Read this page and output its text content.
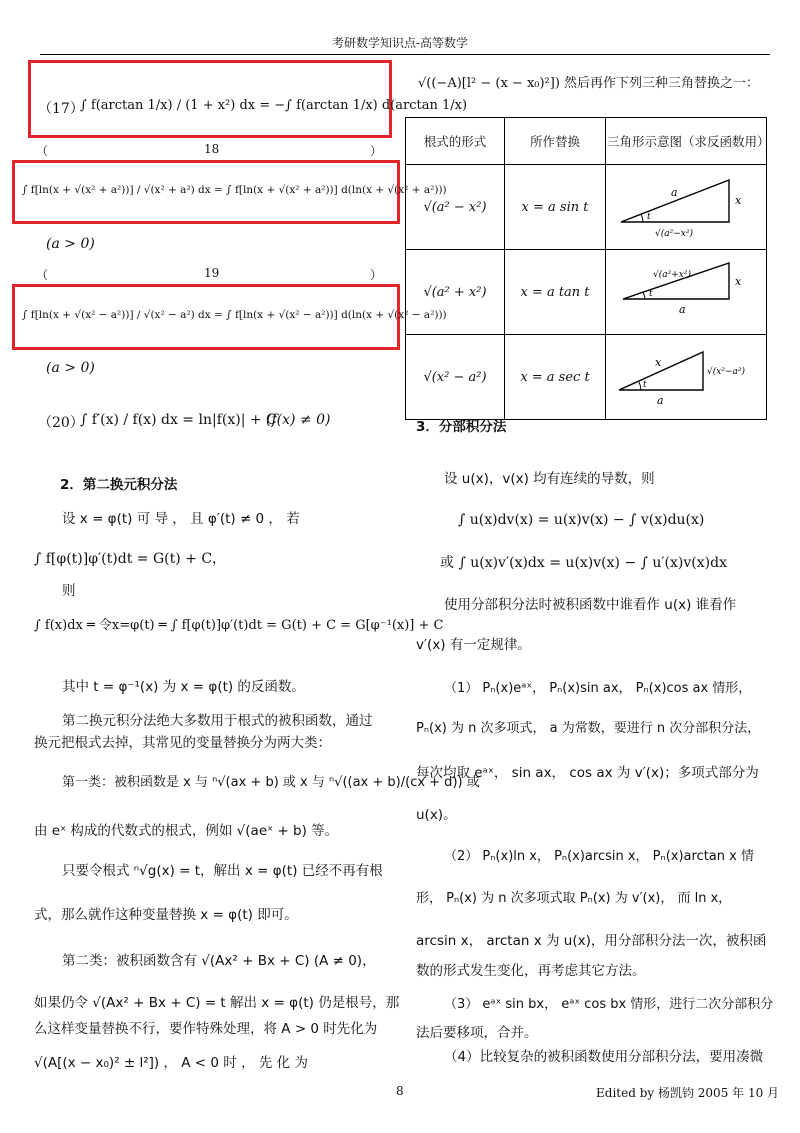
考研数学知识点-高等数学
（17）
∫ f(arctan 1/x) / (1 + x²) dx = −∫ f(arctan 1/x) d(arctan 1/x)
（	18	）
∫ f[ln(x + √(x² + a²))] / √(x² + a²) dx = ∫ f[ln(x + √(x² + a²))] d(ln(x + √(x² + a²)))
(a > 0)
（	19	）
∫ f[ln(x + √(x² − a²))] / √(x² − a²) dx = ∫ f[ln(x + √(x² − a²))] d(ln(x + √(x² − a²)))
(a > 0)
（20）
∫ f′(x) / f(x) dx = ln|f(x)| + C
(f(x) ≠ 0)
2．第二换元积分法
设 x = φ(t) 可 导 ， 且 φ′(t) ≠ 0 ， 若
∫ f[φ(t)]φ′(t)dt = G(t) + C，
则
∫ f(x)dx ═ 令x=φ(t) ═ ∫ f[φ(t)]φ′(t)dt = G(t) + C = G[φ⁻¹(x)] + C
其中 t = φ⁻¹(x) 为 x = φ(t) 的反函数。
第二换元积分法绝大多数用于根式的被积函数，通过
换元把根式去掉，其常见的变量替换分为两大类：
第一类：被积函数是 x 与 ⁿ√(ax + b) 或 x 与 ⁿ√((ax + b)/(cx + d)) 或
由 eˣ 构成的代数式的根式，例如 √(aeˣ + b) 等。
只要令根式 ⁿ√g(x) = t，解出 x = φ(t) 已经不再有根
式，那么就作这种变量替换 x = φ(t) 即可。
第二类：被积函数含有 √(Ax² + Bx + C) (A ≠ 0)，
如果仍令 √(Ax² + Bx + C) = t 解出 x = φ(t) 仍是根号，那
么这样变量替换不行，要作特殊处理，将 A > 0 时先化为
√(A[(x − x₀)² ± l²]) ， A < 0 时 ， 先 化 为
√((−A)[l² − (x − x₀)²]) 然后再作下列三种三角替换之一：
根式的形式	所作替换	三角形示意图（求反函数用）
√(a² − x²)	x = a sin t	a
x
√(a²−x²)
t

√(a² + x²)	x = a tan t	√(a²+x²) x
a
t

√(x² − a²)	x = a sec t	x
√(x²−a²)
a
t
3．分部积分法
设 u(x)，v(x) 均有连续的导数，则
∫ u(x)dv(x) = u(x)v(x) − ∫ v(x)du(x)
或 ∫ u(x)v′(x)dx = u(x)v(x) − ∫ u′(x)v(x)dx
使用分部积分法时被积函数中谁看作 u(x) 谁看作
v′(x) 有一定规律。
（1） Pₙ(x)eᵃˣ， Pₙ(x)sin ax， Pₙ(x)cos ax 情形，
Pₙ(x) 为 n 次多项式， a 为常数，要进行 n 次分部积分法，
每次均取 eᵃˣ， sin ax， cos ax 为 v′(x)；多项式部分为
u(x)。
（2） Pₙ(x)ln x， Pₙ(x)arcsin x， Pₙ(x)arctan x 情
形， Pₙ(x) 为 n 次多项式取 Pₙ(x) 为 v′(x)， 而 ln x，
arcsin x， arctan x 为 u(x)，用分部积分法一次，被积函
数的形式发生变化，再考虑其它方法。
（3） eᵃˣ sin bx， eᵃˣ cos bx 情形，进行二次分部积分
法后要移项，合并。
（4）比较复杂的被积函数使用分部积分法，要用凑微
8	Edited by 杨凯钧 2005 年 10 月
